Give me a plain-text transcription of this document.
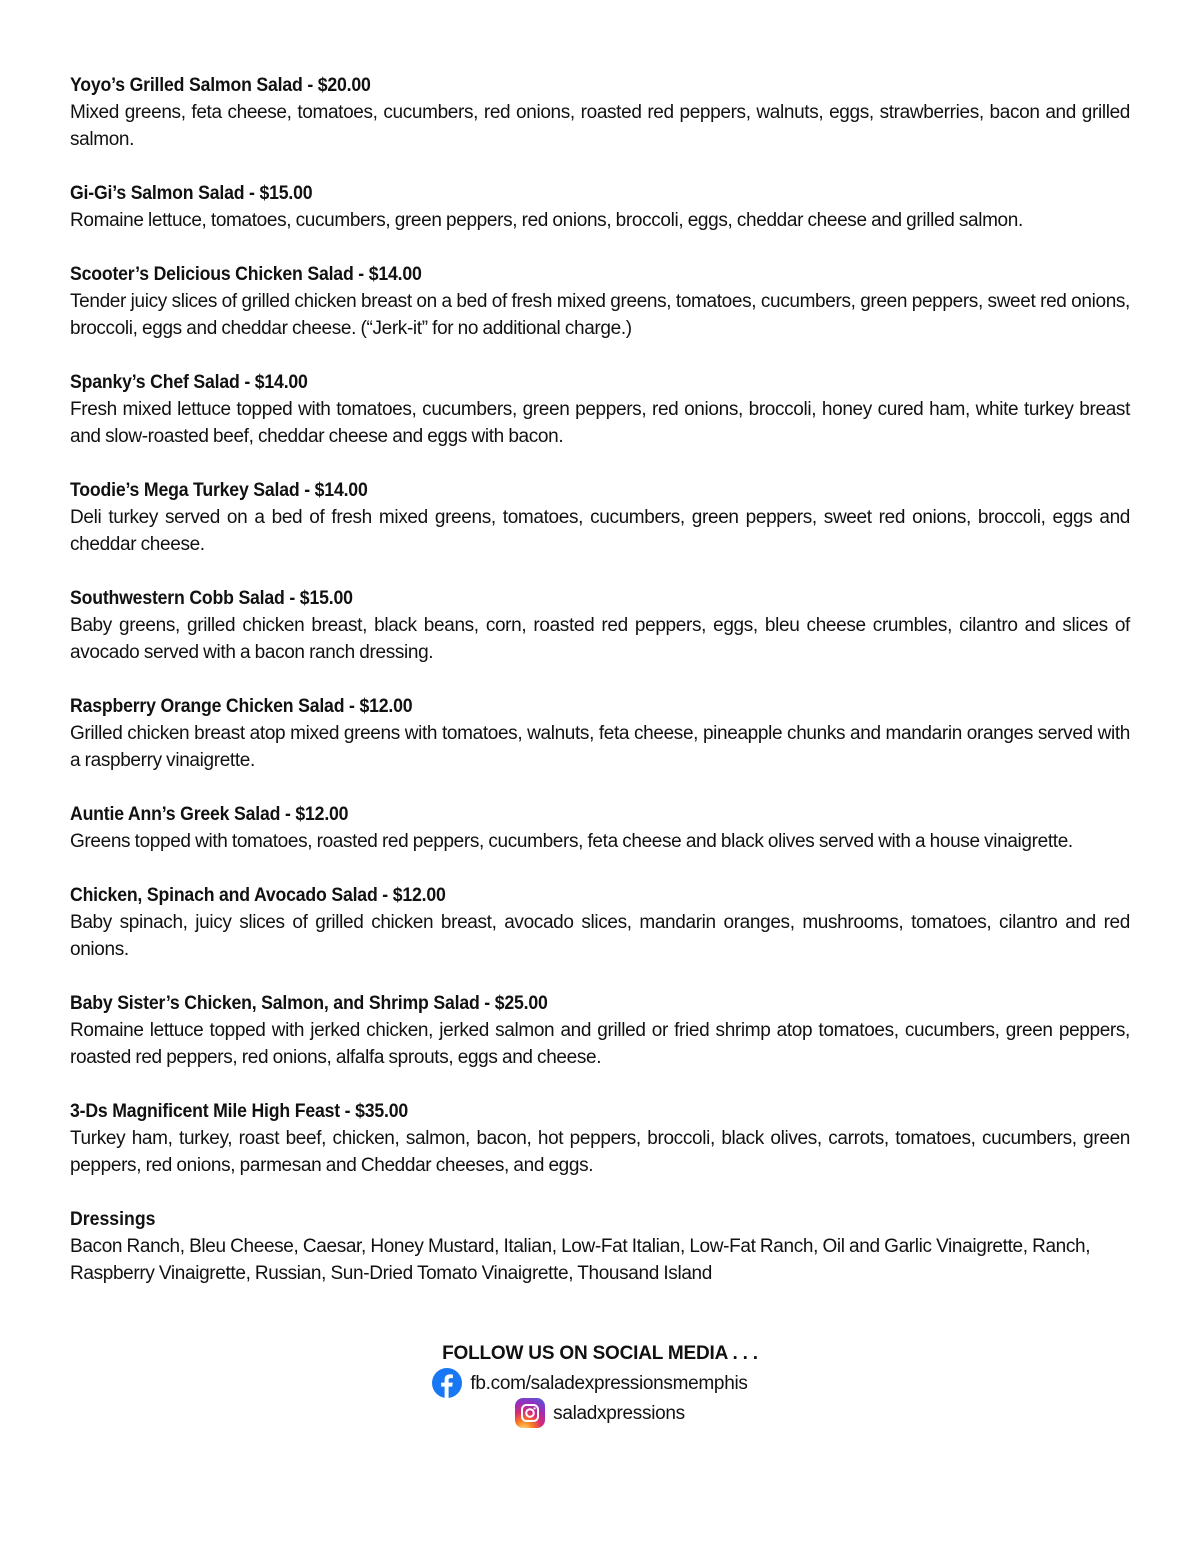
Yoyo’s Grilled Salmon Salad - $20.00
Mixed greens, feta cheese, tomatoes, cucumbers, red onions, roasted red peppers, walnuts, eggs, strawberries, bacon and grilled salmon.
Gi-Gi’s Salmon Salad - $15.00
Romaine lettuce, tomatoes, cucumbers, green peppers, red onions, broccoli, eggs, cheddar cheese and grilled salmon.
Scooter’s Delicious Chicken Salad - $14.00
Tender juicy slices of grilled chicken breast on a bed of fresh mixed greens, tomatoes, cucumbers, green peppers, sweet red onions, broccoli, eggs and cheddar cheese. (“Jerk-it” for no additional charge.)
Spanky’s Chef Salad - $14.00
Fresh mixed lettuce topped with tomatoes, cucumbers, green peppers, red onions, broccoli, honey cured ham, white turkey breast and slow-roasted beef, cheddar cheese and eggs with bacon.
Toodie’s Mega Turkey Salad - $14.00
Deli turkey served on a bed of fresh mixed greens, tomatoes, cucumbers, green peppers, sweet red onions, broccoli, eggs and cheddar cheese.
Southwestern Cobb Salad - $15.00
Baby greens, grilled chicken breast, black beans, corn, roasted red peppers, eggs, bleu cheese crumbles, cilantro and slices of avocado served with a bacon ranch dressing.
Raspberry Orange Chicken Salad - $12.00
Grilled chicken breast atop mixed greens with tomatoes, walnuts, feta cheese, pineapple chunks and mandarin oranges served with a raspberry vinaigrette.
Auntie Ann’s Greek Salad - $12.00
Greens topped with tomatoes, roasted red peppers, cucumbers, feta cheese and black olives served with a house vinaigrette.
Chicken, Spinach and Avocado Salad - $12.00
Baby spinach, juicy slices of grilled chicken breast, avocado slices, mandarin oranges, mushrooms, tomatoes, cilantro and red onions.
Baby Sister’s Chicken, Salmon, and Shrimp Salad - $25.00
Romaine lettuce topped with jerked chicken, jerked salmon and grilled or fried shrimp atop tomatoes, cucumbers, green peppers, roasted red peppers, red onions, alfalfa sprouts, eggs and cheese.
3-Ds Magnificent Mile High Feast - $35.00
Turkey ham, turkey, roast beef, chicken, salmon, bacon, hot peppers, broccoli, black olives, carrots, tomatoes, cucumbers, green peppers, red onions, parmesan and Cheddar cheeses, and eggs.
Dressings
Bacon Ranch, Bleu Cheese, Caesar, Honey Mustard, Italian, Low-Fat Italian, Low-Fat Ranch, Oil and Garlic Vinaigrette, Ranch, Raspberry Vinaigrette, Russian, Sun-Dried Tomato Vinaigrette, Thousand Island
FOLLOW US ON SOCIAL MEDIA . . .
fb.com/saladexpressionsmemphis
saladxpressions
